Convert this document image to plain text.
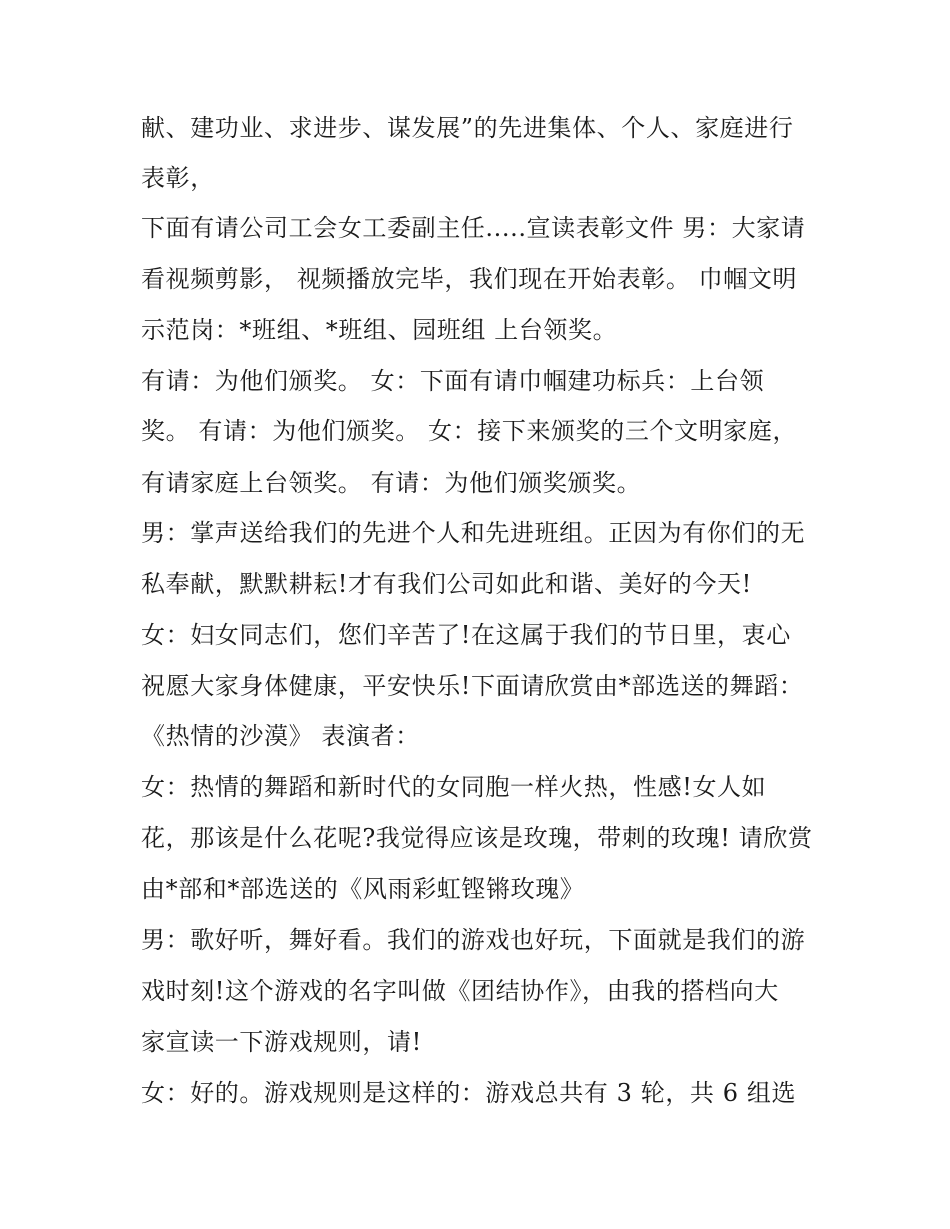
献、建功业、求进步、谋发展”的先进集体、个人、家庭进行
表彰，
下面有请公司工会女工委副主任.....宣读表彰文件 男：大家请
看视频剪影， 视频播放完毕，我们现在开始表彰。 巾帼文明
示范岗：*班组、*班组、园班组 上台领奖。
有请：为他们颁奖。 女：下面有请巾帼建功标兵：上台领
奖。 有请：为他们颁奖。 女：接下来颁奖的三个文明家庭，
有请家庭上台领奖。 有请：为他们颁奖颁奖。
男：掌声送给我们的先进个人和先进班组。正因为有你们的无
私奉献，默默耕耘!才有我们公司如此和谐、美好的今天!
女：妇女同志们，您们辛苦了!在这属于我们的节日里，衷心
祝愿大家身体健康，平安快乐!下面请欣赏由*部选送的舞蹈：
《热情的沙漠》 表演者：
女：热情的舞蹈和新时代的女同胞一样火热，性感!女人如
花，那该是什么花呢?我觉得应该是玫瑰，带刺的玫瑰! 请欣赏
由*部和*部选送的《风雨彩虹铿锵玫瑰》
男：歌好听，舞好看。我们的游戏也好玩，下面就是我们的游
戏时刻!这个游戏的名字叫做《团结协作》，由我的搭档向大
家宣读一下游戏规则，请!
女：好的。游戏规则是这样的：游戏总共有 3 轮，共 6 组选
